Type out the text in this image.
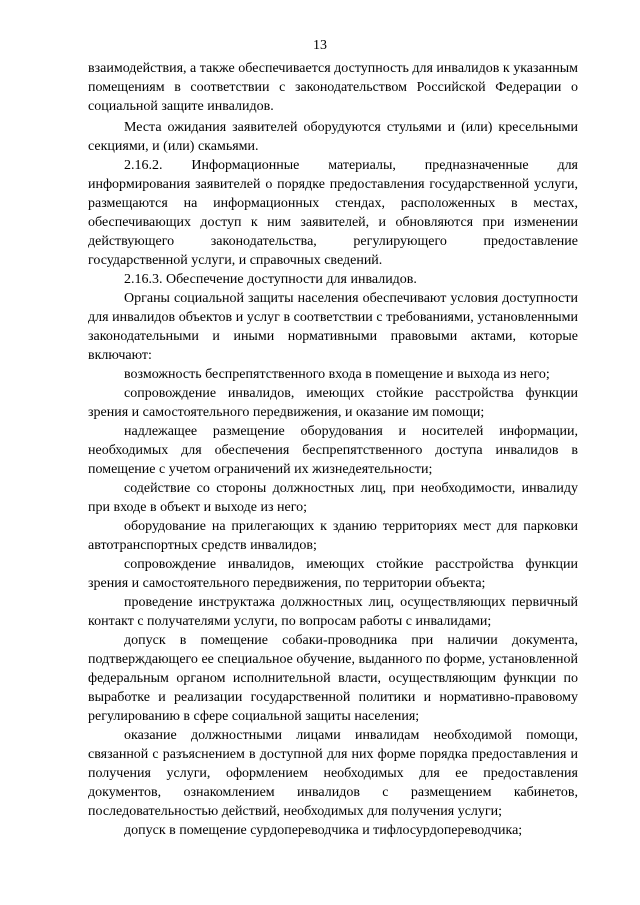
13

взаимодействия, а также обеспечивается доступность для инвалидов к указанным помещениям в соответствии с законодательством Российской Федерации о социальной защите инвалидов.

Места ожидания заявителей оборудуются стульями и (или) кресельными секциями, и (или) скамьями.

2.16.2. Информационные материалы, предназначенные для информирования заявителей о порядке предоставления государственной услуги, размещаются на информационных стендах, расположенных в местах, обеспечивающих доступ к ним заявителей, и обновляются при изменении действующего законодательства, регулирующего предоставление государственной услуги, и справочных сведений.

2.16.3. Обеспечение доступности для инвалидов.

Органы социальной защиты населения обеспечивают условия доступности для инвалидов объектов и услуг в соответствии с требованиями, установленными законодательными и иными нормативными правовыми актами, которые включают:

возможность беспрепятственного входа в помещение и выхода из него;

сопровождение инвалидов, имеющих стойкие расстройства функции зрения и самостоятельного передвижения, и оказание им помощи;

надлежащее размещение оборудования и носителей информации, необходимых для обеспечения беспрепятственного доступа инвалидов в помещение с учетом ограничений их жизнедеятельности;

содействие со стороны должностных лиц, при необходимости, инвалиду при входе в объект и выходе из него;

оборудование на прилегающих к зданию территориях мест для парковки автотранспортных средств инвалидов;

сопровождение инвалидов, имеющих стойкие расстройства функции зрения и самостоятельного передвижения, по территории объекта;

проведение инструктажа должностных лиц, осуществляющих первичный контакт с получателями услуги, по вопросам работы с инвалидами;

допуск в помещение собаки-проводника при наличии документа, подтверждающего ее специальное обучение, выданного по форме, установленной федеральным органом исполнительной власти, осуществляющим функции по выработке и реализации государственной политики и нормативно-правовому регулированию в сфере социальной защиты населения;

оказание должностными лицами инвалидам необходимой помощи, связанной с разъяснением в доступной для них форме порядка предоставления и получения услуги, оформлением необходимых для ее предоставления документов, ознакомлением инвалидов с размещением кабинетов, последовательностью действий, необходимых для получения услуги;

допуск в помещение сурдопереводчика и тифлосурдопереводчика;
